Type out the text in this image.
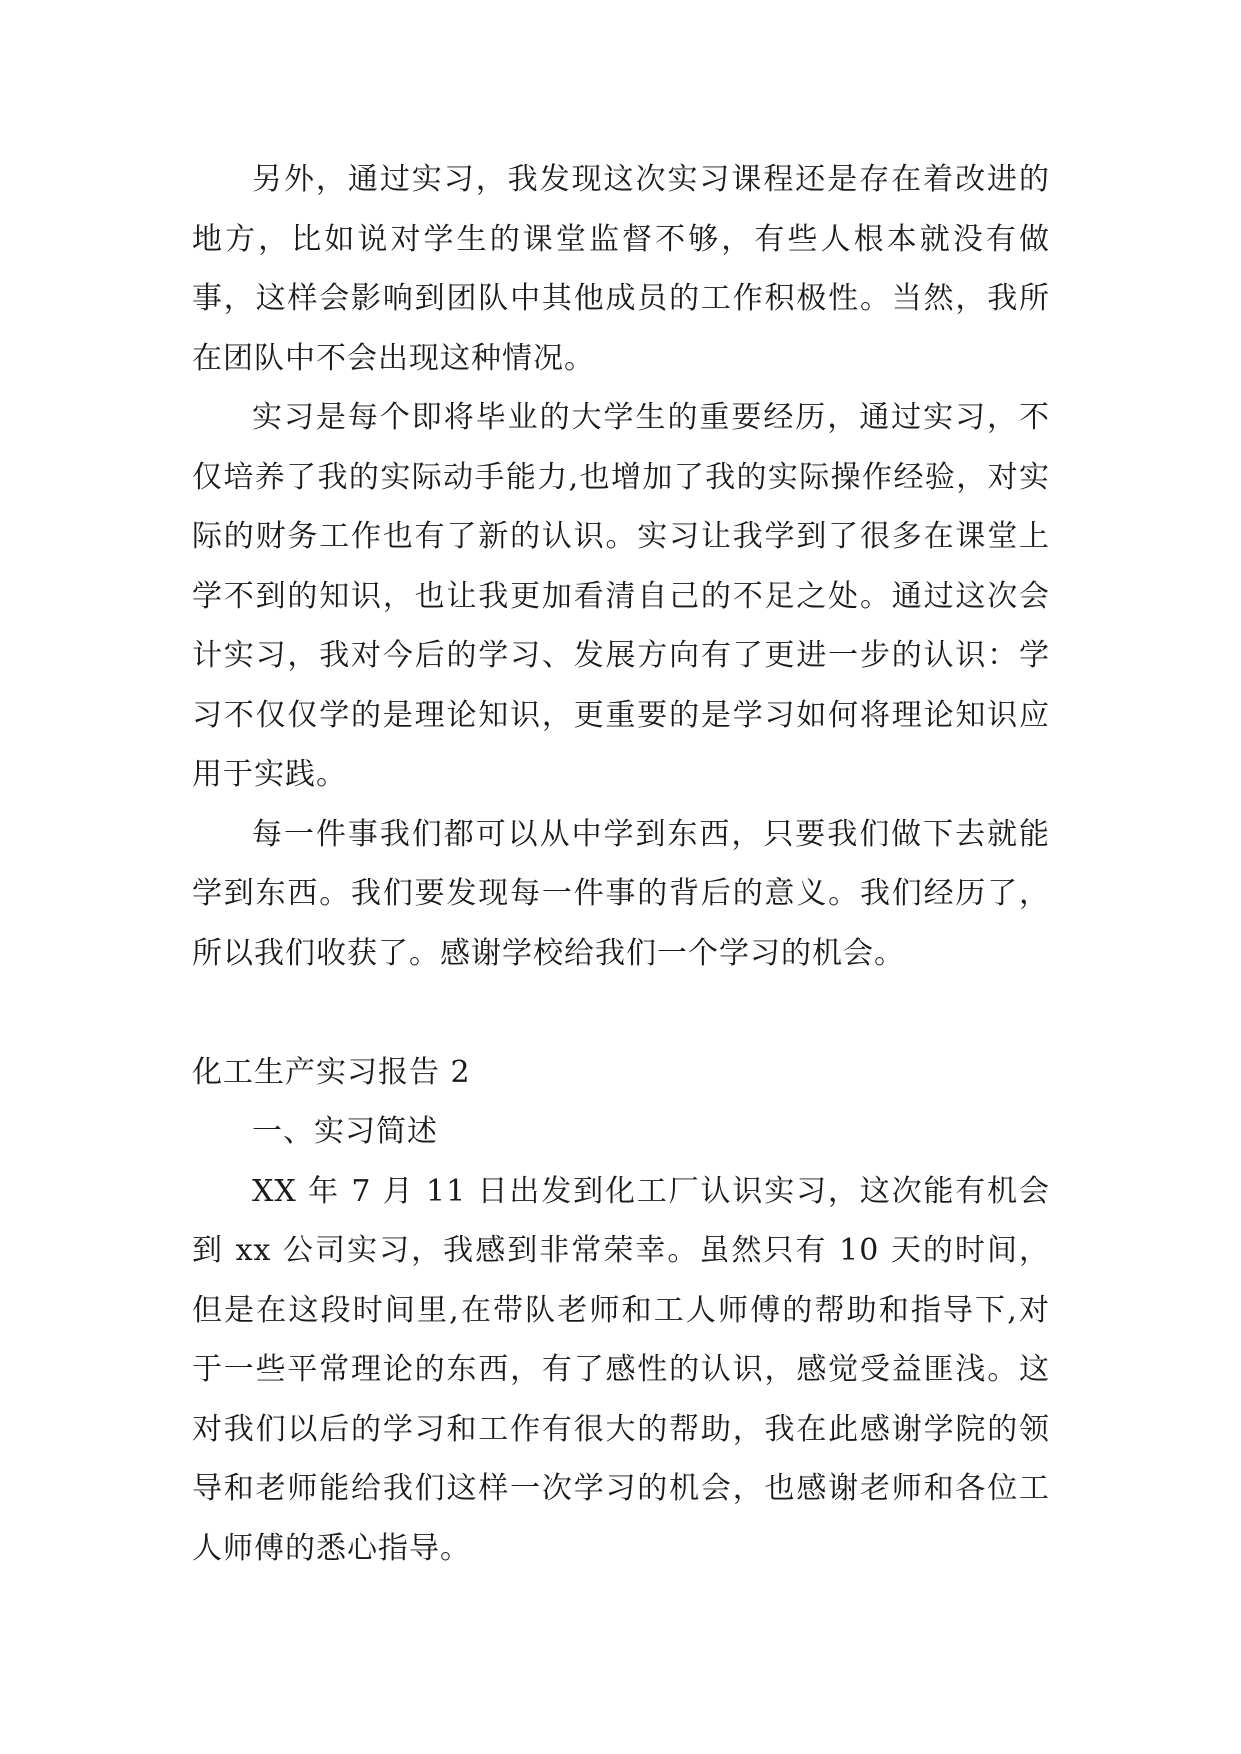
另外，通过实习，我发现这次实习课程还是存在着改进的地方，比如说对学生的课堂监督不够，有些人根本就没有做事，这样会影响到团队中其他成员的工作积极性。当然，我所在团队中不会出现这种情况。

实习是每个即将毕业的大学生的重要经历，通过实习，不仅培养了我的实际动手能力,也增加了我的实际操作经验，对实际的财务工作也有了新的认识。实习让我学到了很多在课堂上学不到的知识，也让我更加看清自己的不足之处。通过这次会计实习，我对今后的学习、发展方向有了更进一步的认识：学习不仅仅学的是理论知识，更重要的是学习如何将理论知识应用于实践。

每一件事我们都可以从中学到东西，只要我们做下去就能学到东西。我们要发现每一件事的背后的意义。我们经历了，所以我们收获了。感谢学校给我们一个学习的机会。

化工生产实习报告 2

一、实习简述

XX 年 7 月 11 日出发到化工厂认识实习，这次能有机会到 xx 公司实习，我感到非常荣幸。虽然只有 10 天的时间，但是在这段时间里,在带队老师和工人师傅的帮助和指导下,对于一些平常理论的东西，有了感性的认识，感觉受益匪浅。这对我们以后的学习和工作有很大的帮助，我在此感谢学院的领导和老师能给我们这样一次学习的机会，也感谢老师和各位工人师傅的悉心指导。
